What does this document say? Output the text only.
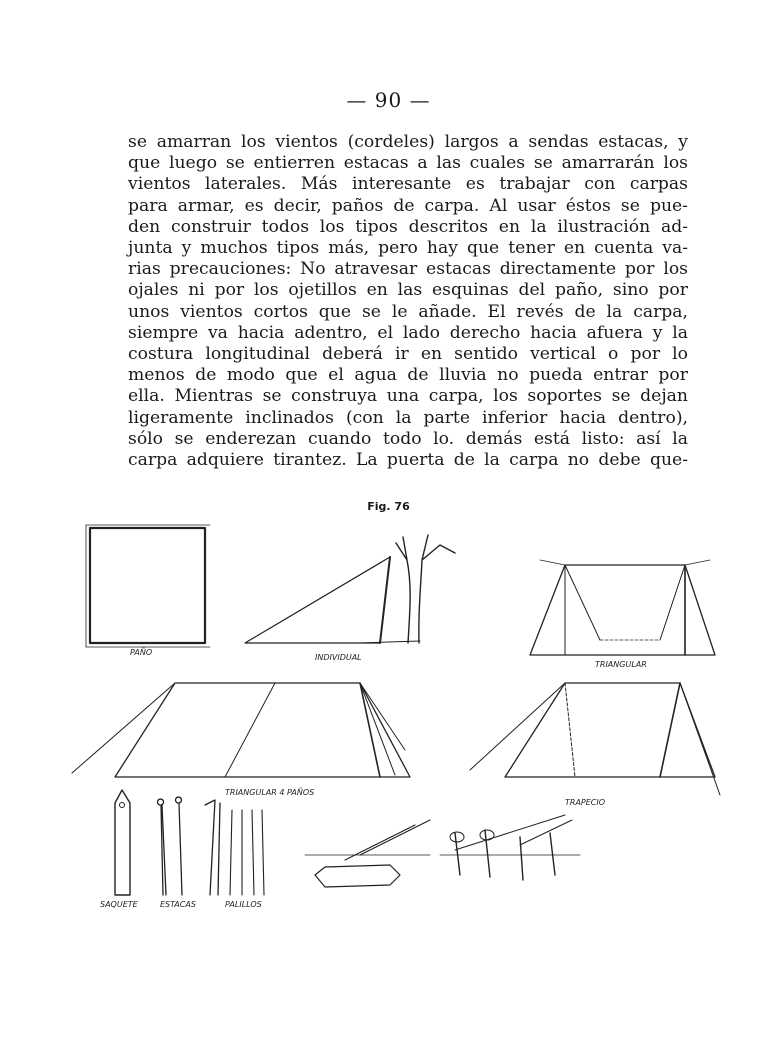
— 90 —
se amarran los vientos (cordeles) largos a sendas estacas, y
que luego se entierren estacas a las cuales se amarrarán los
vientos laterales. Más interesante es trabajar con carpas
para armar, es decir, paños de carpa. Al usar éstos se pue-
den construir todos los tipos descritos en la ilustración ad-
junta y muchos tipos más, pero hay que tener en cuenta va-
rias precauciones: No atravesar estacas directamente por los
ojales ni por los ojetillos en las esquinas del paño, sino por
unos vientos cortos que se le añade. El revés de la carpa,
siempre va hacia adentro, el lado derecho hacia afuera y la
costura longitudinal deberá ir en sentido vertical o por lo
menos de modo que el agua de lluvia no pueda entrar por
ella. Mientras se construya una carpa, los soportes se dejan
ligeramente inclinados (con la parte inferior hacia dentro),
sólo se enderezan cuando todo lo. demás está listo: así la
carpa adquiere tirantez. La puerta de la carpa no debe que-
Fig. 76
PAÑO
INDIVIDUAL
TRIANGULAR
TRIANGULAR 4 PAÑOS
TRAPECIO
SAQUETE	ESTACAS	PALILLOS
